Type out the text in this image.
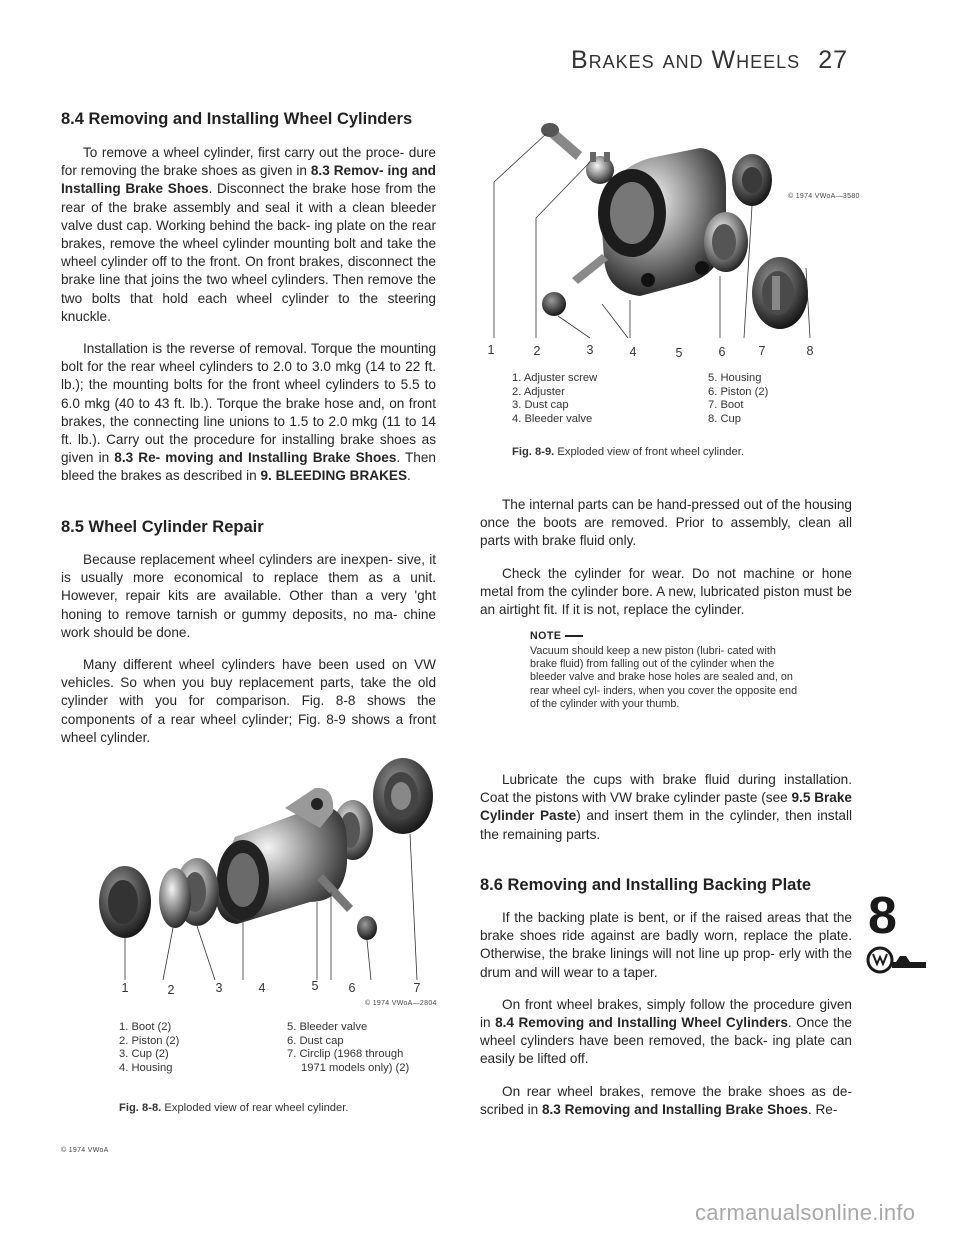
Brakes and Wheels 27
8.4 Removing and Installing Wheel Cylinders

To remove a wheel cylinder, first carry out the proce- dure for removing the brake shoes as given in 8.3 Remov- ing and Installing Brake Shoes. Disconnect the brake hose from the rear of the brake assembly and seal it with a clean bleeder valve dust cap. Working behind the back- ing plate on the rear brakes, remove the wheel cylinder mounting bolt and take the wheel cylinder off to the front. On front brakes, disconnect the brake line that joins the two wheel cylinders. Then remove the two bolts that hold each wheel cylinder to the steering knuckle.

Installation is the reverse of removal. Torque the mounting bolt for the rear wheel cylinders to 2.0 to 3.0 mkg (14 to 22 ft. lb.); the mounting bolts for the front wheel cylinders to 5.5 to 6.0 mkg (40 to 43 ft. lb.). Torque the brake hose and, on front brakes, the connecting line unions to 1.5 to 2.0 mkg (11 to 14 ft. lb.). Carry out the procedure for installing brake shoes as given in 8.3 Re- moving and Installing Brake Shoes. Then bleed the brakes as described in 9. BLEEDING BRAKES.

8.5 Wheel Cylinder Repair

Because replacement wheel cylinders are inexpen- sive, it is usually more economical to replace them as a unit. However, repair kits are available. Other than a very 'ght honing to remove tarnish or gummy deposits, no ma- chine work should be done.

Many different wheel cylinders have been used on VW vehicles. So when you buy replacement parts, take the old cylinder with you for comparison. Fig. 8-8 shows the components of a rear wheel cylinder; Fig. 8-9 shows a front wheel cylinder.

1	2	3	4	5 6	7
© 1974 VWoA—2804
1. Boot (2)
2. Piston (2)
3. Cup (2)
4. Housing
5. Bleeder valve
6. Dust cap
7. Circlip (1968 through
1971 models only) (2)
Fig. 8-8. Exploded view of rear wheel cylinder.
© 1974 VWoA
1	2	3	4	5	6	7	8
© 1974 VWoA—3580
1. Adjuster screw
2. Adjuster
3. Dust cap
4. Bleeder valve
5. Housing
6. Piston (2)
7. Boot
8. Cup
Fig. 8-9. Exploded view of front wheel cylinder.

The internal parts can be hand-pressed out of the housing once the boots are removed. Prior to assembly, clean all parts with brake fluid only.

Check the cylinder for wear. Do not machine or hone metal from the cylinder bore. A new, lubricated piston must be an airtight fit. If it is not, replace the cylinder.

NOTE
Vacuum should keep a new piston (lubri- cated with brake fluid) from falling out of the cylinder when the bleeder valve and brake hose holes are sealed and, on rear wheel cyl- inders, when you cover the opposite end of the cylinder with your thumb.

Lubricate the cups with brake fluid during installation. Coat the pistons with VW brake cylinder paste (see 9.5 Brake Cylinder Paste) and insert them in the cylinder, then install the remaining parts.

8.6 Removing and Installing Backing Plate

If the backing plate is bent, or if the raised areas that the brake shoes ride against are badly worn, replace the plate. Otherwise, the brake linings will not line up prop- erly with the drum and will wear to a taper.

On front wheel brakes, simply follow the procedure given in 8.4 Removing and Installing Wheel Cylinders. Once the wheel cylinders have been removed, the back- ing plate can easily be lifted off.

On rear wheel brakes, remove the brake shoes as de- scribed in 8.3 Removing and Installing Brake Shoes. Re-

8
carmanualsonline.info
